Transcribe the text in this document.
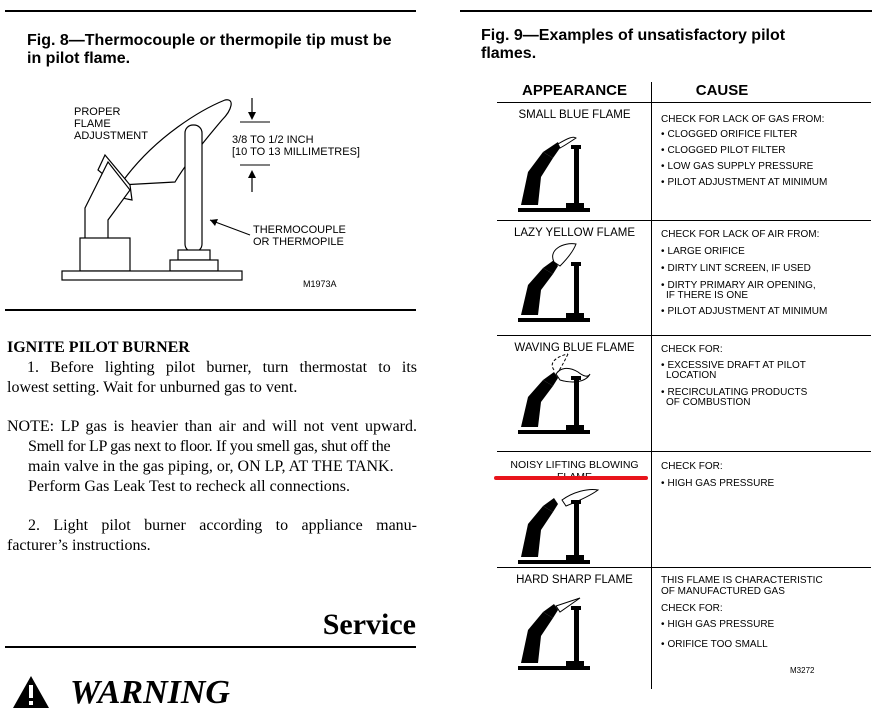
Fig. 8—Thermocouple or thermopile tip must be
in pilot flame.
PROPER
FLAME
ADJUSTMENT	3/8 TO 1/2 INCH
[10 TO 13 MILLIMETRES]
THERMOCOUPLE
OR THERMOPILE
M1973A
IGNITE PILOT BURNER
1. Before lighting pilot burner, turn thermostat to its
lowest setting. Wait for unburned gas to vent.
NOTE: LP gas is heavier than air and will not vent upward.
Smell for LP gas next to floor. If you smell gas, shut off the
main valve in the gas piping, or, ON LP, AT THE TANK.
Perform Gas Leak Test to recheck all connections.
2. Light pilot burner according to appliance manu-
facturer’s instructions.
Service
WARNING
Fig. 9—Examples of unsatisfactory pilot
flames.
APPEARANCE	CAUSE
SMALL BLUE FLAME	CHECK FOR LACK OF GAS FROM:
• CLOGGED ORIFICE FILTER
• CLOGGED PILOT FILTER
• LOW GAS SUPPLY PRESSURE
• PILOT ADJUSTMENT AT MINIMUM
LAZY YELLOW FLAME	CHECK FOR LACK OF AIR FROM:
• LARGE ORIFICE
• DIRTY LINT SCREEN, IF USED
• DIRTY PRIMARY AIR OPENING,
IF THERE IS ONE
• PILOT ADJUSTMENT AT MINIMUM
WAVING BLUE FLAME	CHECK FOR:
• EXCESSIVE DRAFT AT PILOT
LOCATION
• RECIRCULATING PRODUCTS
OF COMBUSTION
NOISY LIFTING BLOWING	CHECK FOR:
• HIGH GAS PRESSURE
HARD SHARP FLAME	THIS FLAME IS CHARACTERISTIC
OF MANUFACTURED GAS
CHECK FOR:
• HIGH GAS PRESSURE
• ORIFICE TOO SMALL
M3272
